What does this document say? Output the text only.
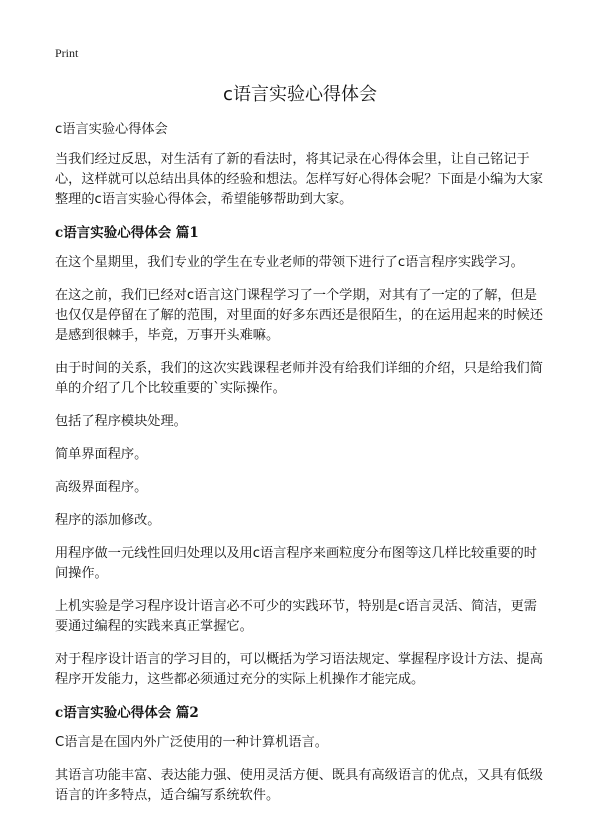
Print
c语言实验心得体会

c语言实验心得体会

当我们经过反思，对生活有了新的看法时，将其记录在心得体会里，让自己铭记于心，这样就可以总结出具体的经验和想法。怎样写好心得体会呢？下面是小编为大家整理的c语言实验心得体会，希望能够帮助到大家。

c语言实验心得体会 篇1

在这个星期里，我们专业的学生在专业老师的带领下进行了c语言程序实践学习。

在这之前，我们已经对c语言这门课程学习了一个学期，对其有了一定的了解，但是也仅仅是停留在了解的范围，对里面的好多东西还是很陌生，的在运用起来的时候还是感到很棘手，毕竟，万事开头难嘛。

由于时间的关系，我们的这次实践课程老师并没有给我们详细的介绍，只是给我们简单的介绍了几个比较重要的`实际操作。

包括了程序模块处理。

简单界面程序。

高级界面程序。

程序的添加修改。

用程序做一元线性回归处理以及用c语言程序来画粒度分布图等这几样比较重要的时间操作。

上机实验是学习程序设计语言必不可少的实践环节，特别是c语言灵活、简洁，更需要通过编程的实践来真正掌握它。

对于程序设计语言的学习目的，可以概括为学习语法规定、掌握程序设计方法、提高程序开发能力，这些都必须通过充分的实际上机操作才能完成。

c语言实验心得体会 篇2

C语言是在国内外广泛使用的一种计算机语言。

其语言功能丰富、表达能力强、使用灵活方便、既具有高级语言的优点，又具有低级语言的许多特点，适合编写系统软件。
